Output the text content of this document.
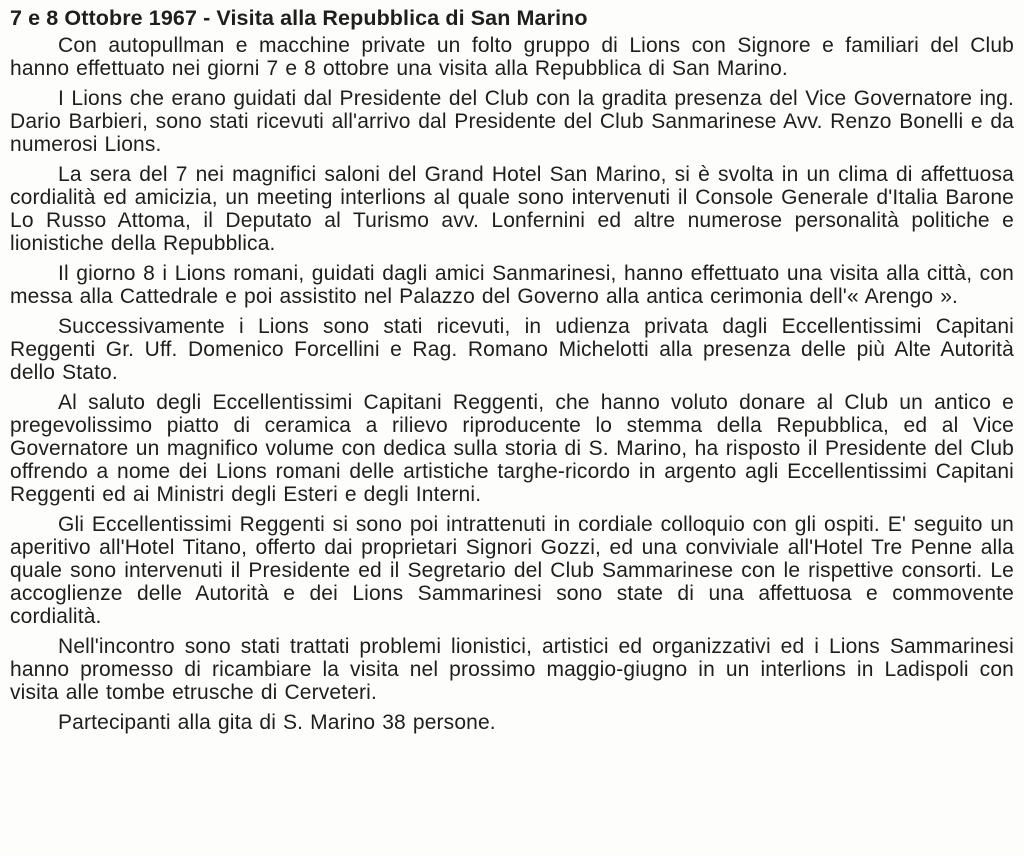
7 e 8 Ottobre 1967 - Visita alla Repubblica di San Marino

Con autopullman e macchine private un folto gruppo di Lions con Signore e familiari del Club hanno effettuato nei giorni 7 e 8 ottobre una visita alla Repubblica di San Marino.

I Lions che erano guidati dal Presidente del Club con la gradita presenza del Vice Governatore ing. Dario Barbieri, sono stati ricevuti all'arrivo dal Presidente del Club Sanmarinese Avv. Renzo Bonelli e da numerosi Lions.

La sera del 7 nei magnifici saloni del Grand Hotel San Marino, si è svolta in un clima di affettuosa cordialità ed amicizia, un meeting interlions al quale sono intervenuti il Console Generale d'Italia Barone Lo Russo Attoma, il Deputato al Turismo avv. Lonfernini ed altre numerose personalità politiche e lionistiche della Repubblica.

Il giorno 8 i Lions romani, guidati dagli amici Sanmarinesi, hanno effettuato una visita alla città, con messa alla Cattedrale e poi assistito nel Palazzo del Governo alla antica cerimonia dell'« Arengo ».

Successivamente i Lions sono stati ricevuti, in udienza privata dagli Eccellentissimi Capitani Reggenti Gr. Uff. Domenico Forcellini e Rag. Romano Michelotti alla presenza delle più Alte Autorità dello Stato.

Al saluto degli Eccellentissimi Capitani Reggenti, che hanno voluto donare al Club un antico e pregevolissimo piatto di ceramica a rilievo riproducente lo stemma della Repubblica, ed al Vice Governatore un magnifico volume con dedica sulla storia di S. Marino, ha risposto il Presidente del Club offrendo a nome dei Lions romani delle artistiche targhe-ricordo in argento agli Eccellentissimi Capitani Reggenti ed ai Ministri degli Esteri e degli Interni.

Gli Eccellentissimi Reggenti si sono poi intrattenuti in cordiale colloquio con gli ospiti. E' seguito un aperitivo all'Hotel Titano, offerto dai proprietari Signori Gozzi, ed una conviviale all'Hotel Tre Penne alla quale sono intervenuti il Presidente ed il Segretario del Club Sammarinese con le rispettive consorti. Le accoglienze delle Autorità e dei Lions Sammarinesi sono state di una affettuosa e commovente cordialità.

Nell'incontro sono stati trattati problemi lionistici, artistici ed organizzativi ed i Lions Sammarinesi hanno promesso di ricambiare la visita nel prossimo maggio-giugno in un interlions in Ladispoli con visita alle tombe etrusche di Cerveteri.

Partecipanti alla gita di S. Marino 38 persone.
